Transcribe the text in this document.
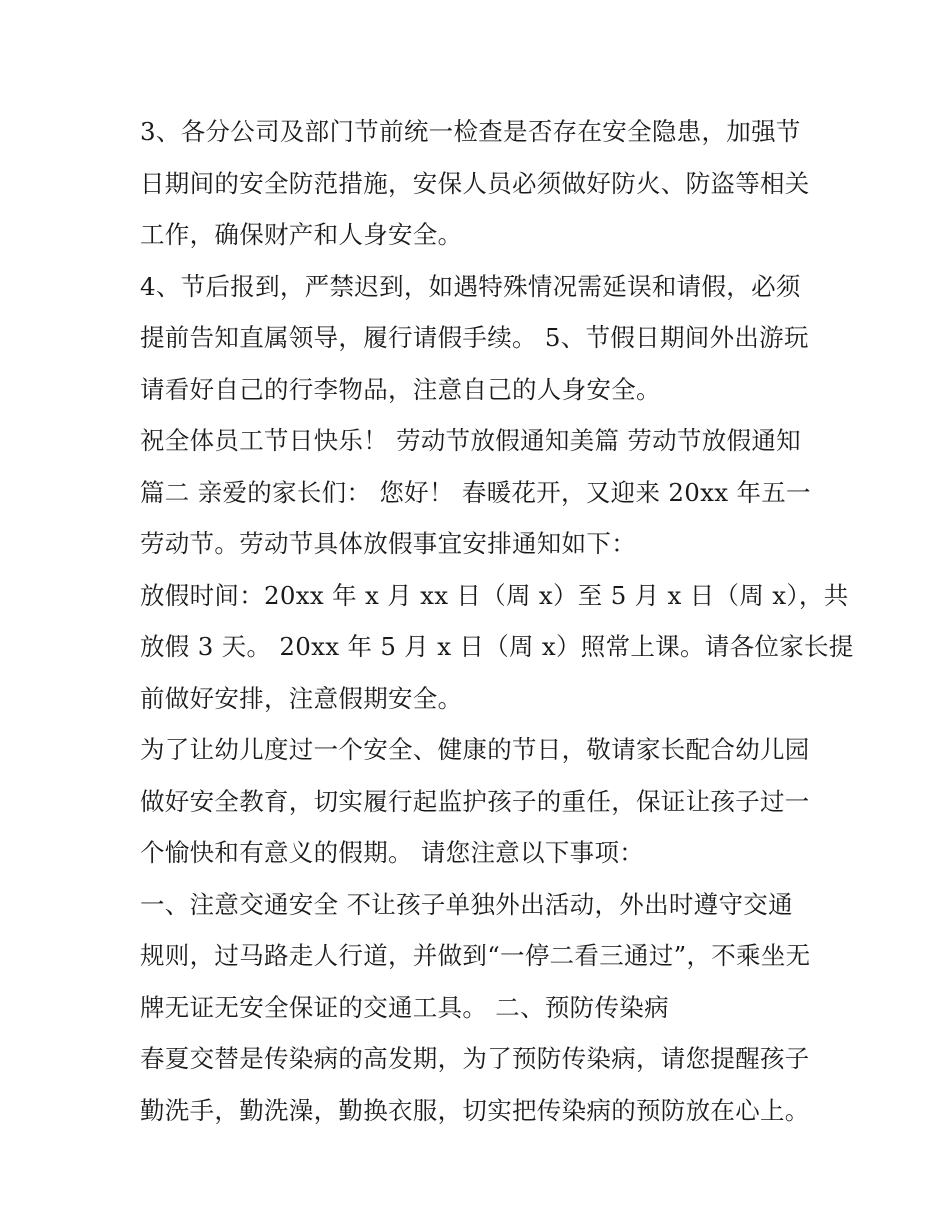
3、各分公司及部门节前统一检查是否存在安全隐患，加强节
日期间的安全防范措施，安保人员必须做好防火、防盗等相关
工作，确保财产和人身安全。
4、节后报到，严禁迟到，如遇特殊情况需延误和请假，必须
提前告知直属领导，履行请假手续。 5、节假日期间外出游玩
请看好自己的行李物品，注意自己的人身安全。
祝全体员工节日快乐！ 劳动节放假通知美篇 劳动节放假通知
篇二 亲爱的家长们： 您好！ 春暖花开，又迎来 20xx 年五一
劳动节。劳动节具体放假事宜安排通知如下：
放假时间：20xx 年 x 月 xx 日（周 x）至 5 月 x 日（周 x），共
放假 3 天。 20xx 年 5 月 x 日（周 x）照常上课。请各位家长提
前做好安排，注意假期安全。
为了让幼儿度过一个安全、健康的节日，敬请家长配合幼儿园
做好安全教育，切实履行起监护孩子的重任，保证让孩子过一
个愉快和有意义的假期。 请您注意以下事项：
一、注意交通安全 不让孩子单独外出活动，外出时遵守交通
规则，过马路走人行道，并做到“一停二看三通过”，不乘坐无
牌无证无安全保证的交通工具。 二、预防传染病
春夏交替是传染病的高发期，为了预防传染病，请您提醒孩子
勤洗手，勤洗澡，勤换衣服，切实把传染病的预防放在心上。
